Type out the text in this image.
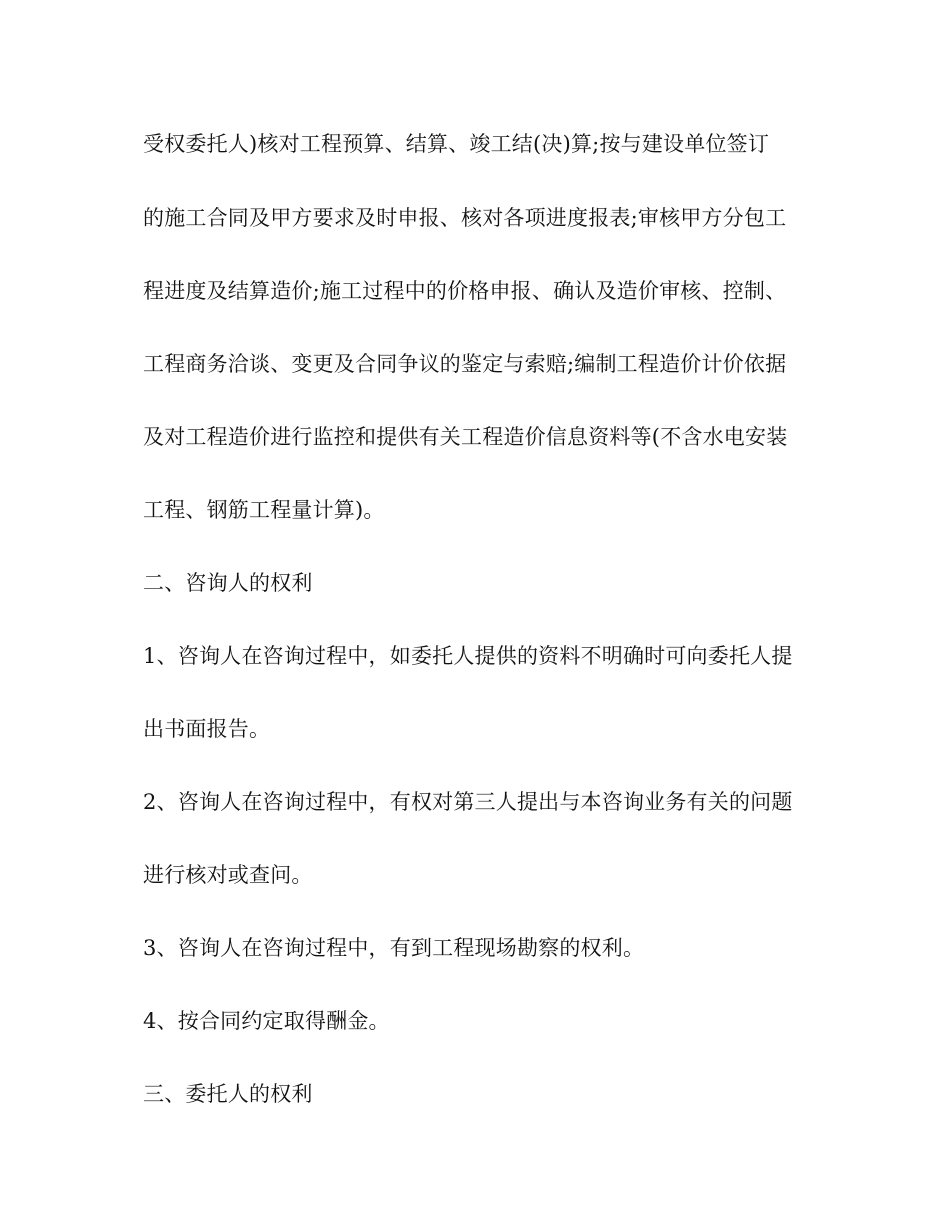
受权委托人)核对工程预算、结算、竣工结(决)算;按与建设单位签订
的施工合同及甲方要求及时申报、核对各项进度报表;审核甲方分包工
程进度及结算造价;施工过程中的价格申报、确认及造价审核、控制、
工程商务洽谈、变更及合同争议的鉴定与索赔;编制工程造价计价依据
及对工程造价进行监控和提供有关工程造价信息资料等(不含水电安装
工程、钢筋工程量计算)。
二、咨询人的权利
1、咨询人在咨询过程中，如委托人提供的资料不明确时可向委托人提
出书面报告。
2、咨询人在咨询过程中，有权对第三人提出与本咨询业务有关的问题
进行核对或查问。
3、咨询人在咨询过程中，有到工程现场勘察的权利。
4、按合同约定取得酬金。
三、委托人的权利
